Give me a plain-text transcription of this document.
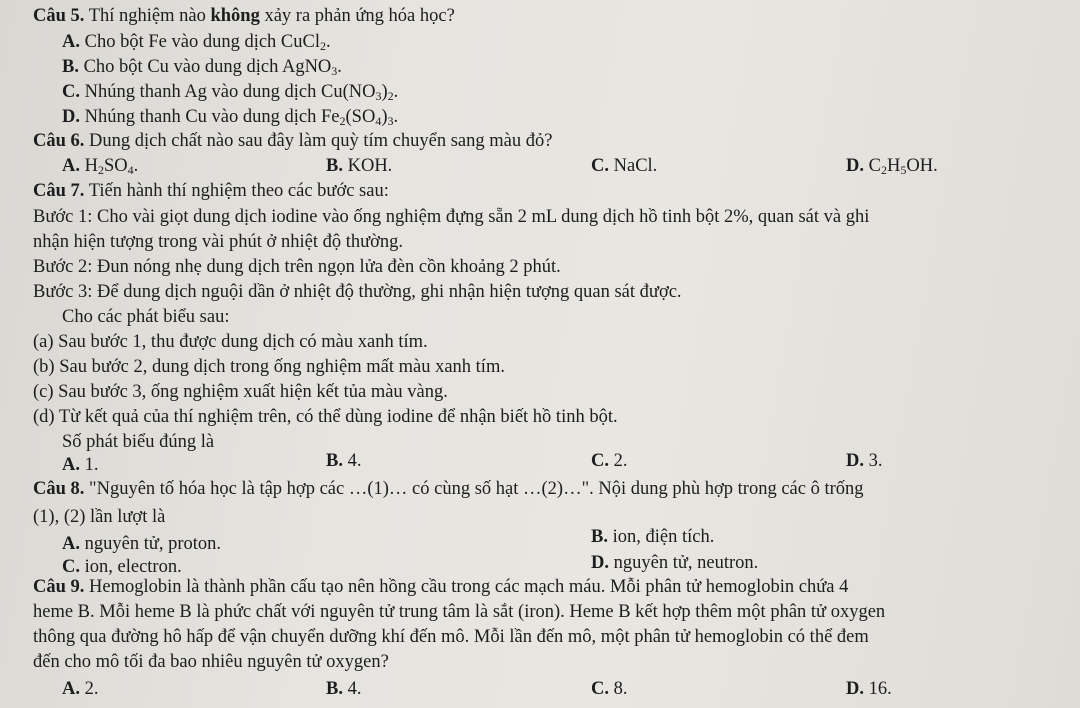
Câu 5. Thí nghiệm nào không xảy ra phản ứng hóa học?
A. Cho bột Fe vào dung dịch CuCl$_2$.
B. Cho bột Cu vào dung dịch AgNO$_3$.
C. Nhúng thanh Ag vào dung dịch $Cu(NO_3)_2$.
D. Nhúng thanh Cu vào dung dịch $Fe_2(SO_4)_3$.
Câu 6. Dung dịch chất nào sau đây làm quỳ tím chuyển sang màu đỏ?
A. $H_2SO_4$.	B. KOH.	C. NaCl.	D. $C_2H_5OH$.
Câu 7. Tiến hành thí nghiệm theo các bước sau:
Bước 1: Cho vài giọt dung dịch iodine vào ống nghiệm đựng sẵn 2 mL dung dịch hồ tinh bột 2%, quan sát và ghi
nhận hiện tượng trong vài phút ở nhiệt độ thường.
Bước 2: Đun nóng nhẹ dung dịch trên ngọn lửa đèn cồn khoảng 2 phút.
Bước 3: Để dung dịch nguội dần ở nhiệt độ thường, ghi nhận hiện tượng quan sát được.
Cho các phát biểu sau:
(a) Sau bước 1, thu được dung dịch có màu xanh tím.
(b) Sau bước 2, dung dịch trong ống nghiệm mất màu xanh tím.
(c) Sau bước 3, ống nghiệm xuất hiện kết tủa màu vàng.
(d) Từ kết quả của thí nghiệm trên, có thể dùng iodine để nhận biết hồ tinh bột.
Số phát biểu đúng là
A. 1.	B. 4.	C. 2.	D. 3.
Câu 8. "Nguyên tố hóa học là tập hợp các …(1)… có cùng số hạt …(2)…". Nội dung phù hợp trong các ô trống
(1), (2) lần lượt là
A. nguyên tử, proton.	B. ion, điện tích.
C. ion, electron.	D. nguyên tử, neutron.
Câu 9. Hemoglobin là thành phần cấu tạo nên hồng cầu trong các mạch máu. Mỗi phân tử hemoglobin chứa 4
heme B. Mỗi heme B là phức chất với nguyên tử trung tâm là sắt (iron). Heme B kết hợp thêm một phân tử oxygen
thông qua đường hô hấp để vận chuyển dưỡng khí đến mô. Mỗi lần đến mô, một phân tử hemoglobin có thể đem
đến cho mô tối đa bao nhiêu nguyên tử oxygen?
A. 2.	B. 4.	C. 8.	D. 16.
